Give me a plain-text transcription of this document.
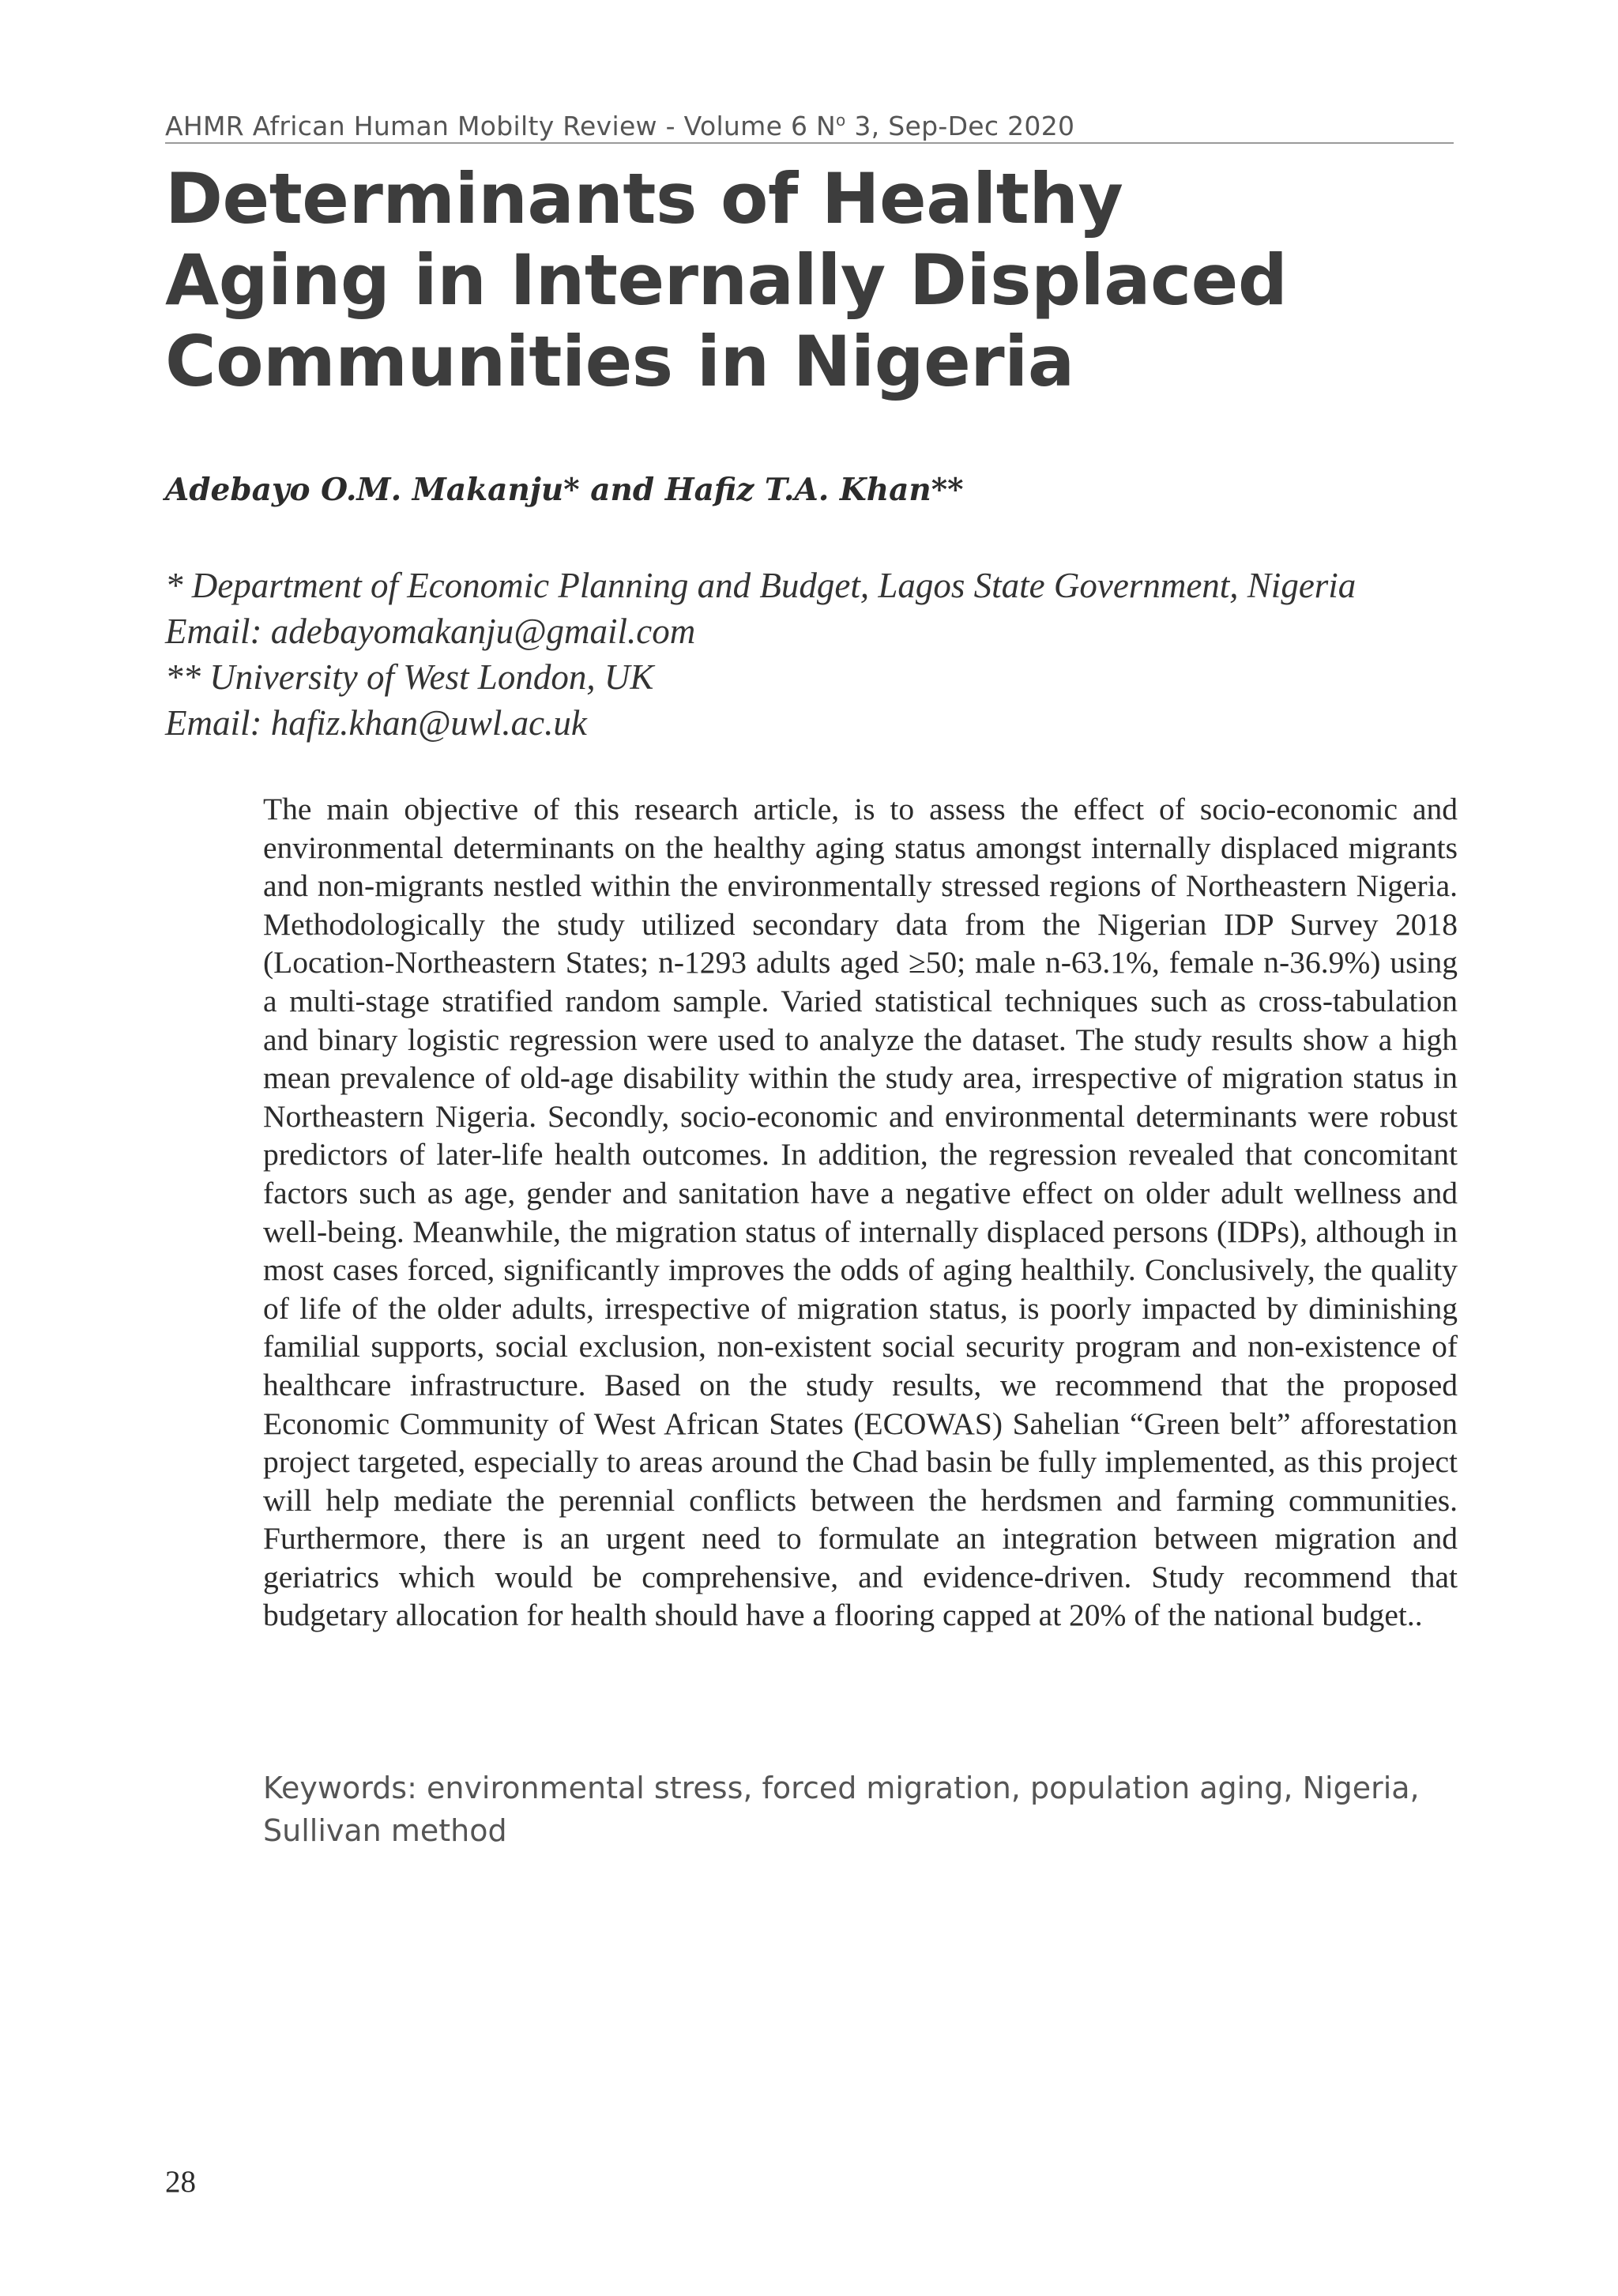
AHMR African Human Mobilty Review - Volume 6 $N^o$ 3, Sep-Dec 2020
Determinants of Healthy
Aging in Internally Displaced
Communities in Nigeria
Adebayo O.M. Makanju* and Hafiz T.A. Khan**
* Department of Economic Planning and Budget, Lagos State Government, Nigeria
Email: adebayomakanju@gmail.com
** University of West London, UK
Email: hafiz.khan@uwl.ac.uk

The main objective of this research article, is to assess the effect of socio-economic and environmental determinants on the healthy aging status amongst internally displaced migrants and non-migrants nestled within the environmentally stressed regions of Northeastern Nigeria. Methodologically the study utilized secondary data from the Nigerian IDP Survey 2018 (Location-Northeastern States; n-1293 adults aged ≥50; male n-63.1%, female n-36.9%) using a multi-stage stratified random sample. Varied statistical techniques such as cross-tabulation and binary logistic regression were used to analyze the dataset. The study results show a high mean prevalence of old-age disability within the study area, irrespective of migration status in Northeastern Nigeria. Secondly, socio-economic and environmental determinants were robust predictors of later-life health outcomes. In addition, the regression revealed that concomitant factors such as age, gender and sanitation have a negative effect on older adult wellness and well-being. Meanwhile, the migration status of internally displaced persons (IDPs), although in most cases forced, significantly improves the odds of aging healthily. Conclusively, the quality of life of the older adults, irrespective of migration status, is poorly impacted by diminishing familial supports, social exclusion, non-existent social security program and non-existence of healthcare infrastructure. Based on the study results, we recommend that the proposed Economic Community of West African States (ECOWAS) Sahelian “Green belt” afforestation project targeted, especially to areas around the Chad basin be fully implemented, as this project will help mediate the perennial conflicts between the herdsmen and farming communities. Furthermore, there is an urgent need to formulate an integration between migration and geriatrics which would be comprehensive, and evidence-driven. Study recommend that budgetary allocation for health should have a flooring capped at 20% of the national budget..

Keywords: environmental stress, forced migration, population aging, Nigeria, Sullivan method
28
